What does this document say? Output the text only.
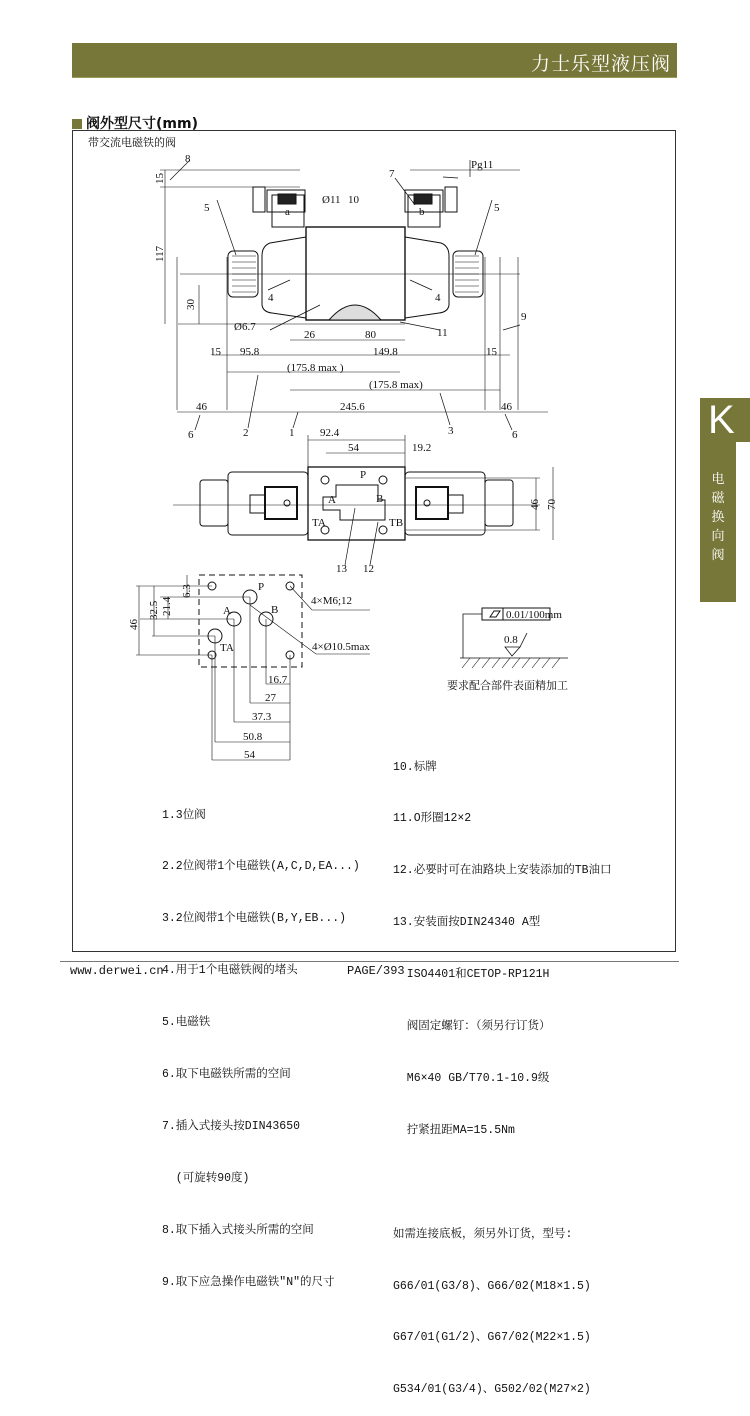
力士乐型液压阀
阀外型尺寸(mm)
带交流电磁铁的阀
K
电磁换向阀
8
15
Pg11
7
5	5
Ø11 10
117
30
4	4
Ø6.7	11
26	80
15 95.8	149.8	15
(175.8 max )
(175.8 max)
46	245.6	46
6	2	1	3	6
9
a	b
92.4
54	19.2
P
A	B
TA	TB
46 70
13 12
6.3
21.4
32.5
46
P
A	B
TA
4×M6;12
4×Ø10.5max
16.7
27
37.3
50.8
54
0.01/100mm
0.8
要求配合部件表面精加工

10.标牌

11.O形圈12×2

12.必要时可在油路块上安装添加的TB油口

13.安装面按DIN24340 A型

ISO4401和CETOP-RP121H

阀固定螺钉：（须另行订货）

M6×40 GB/T70.1-10.9级

拧紧扭距MA=15.5Nm

如需连接底板，须另外订货，型号:

G66/01(G3/8)、G66/02(M18×1.5)

G67/01(G1/2)、G67/02(M22×1.5)

G534/01(G3/4)、G502/02(M27×2)

1.3位阀

2.2位阀带1个电磁铁(A,C,D,EA...)

3.2位阀带1个电磁铁(B,Y,EB...)

4.用于1个电磁铁阀的堵头

5.电磁铁

6.取下电磁铁所需的空间

7.插入式接头按DIN43650

(可旋转90度)

8.取下插入式接头所需的空间

9.取下应急操作电磁铁"N"的尺寸

www.derwei.cn	PAGE/393
